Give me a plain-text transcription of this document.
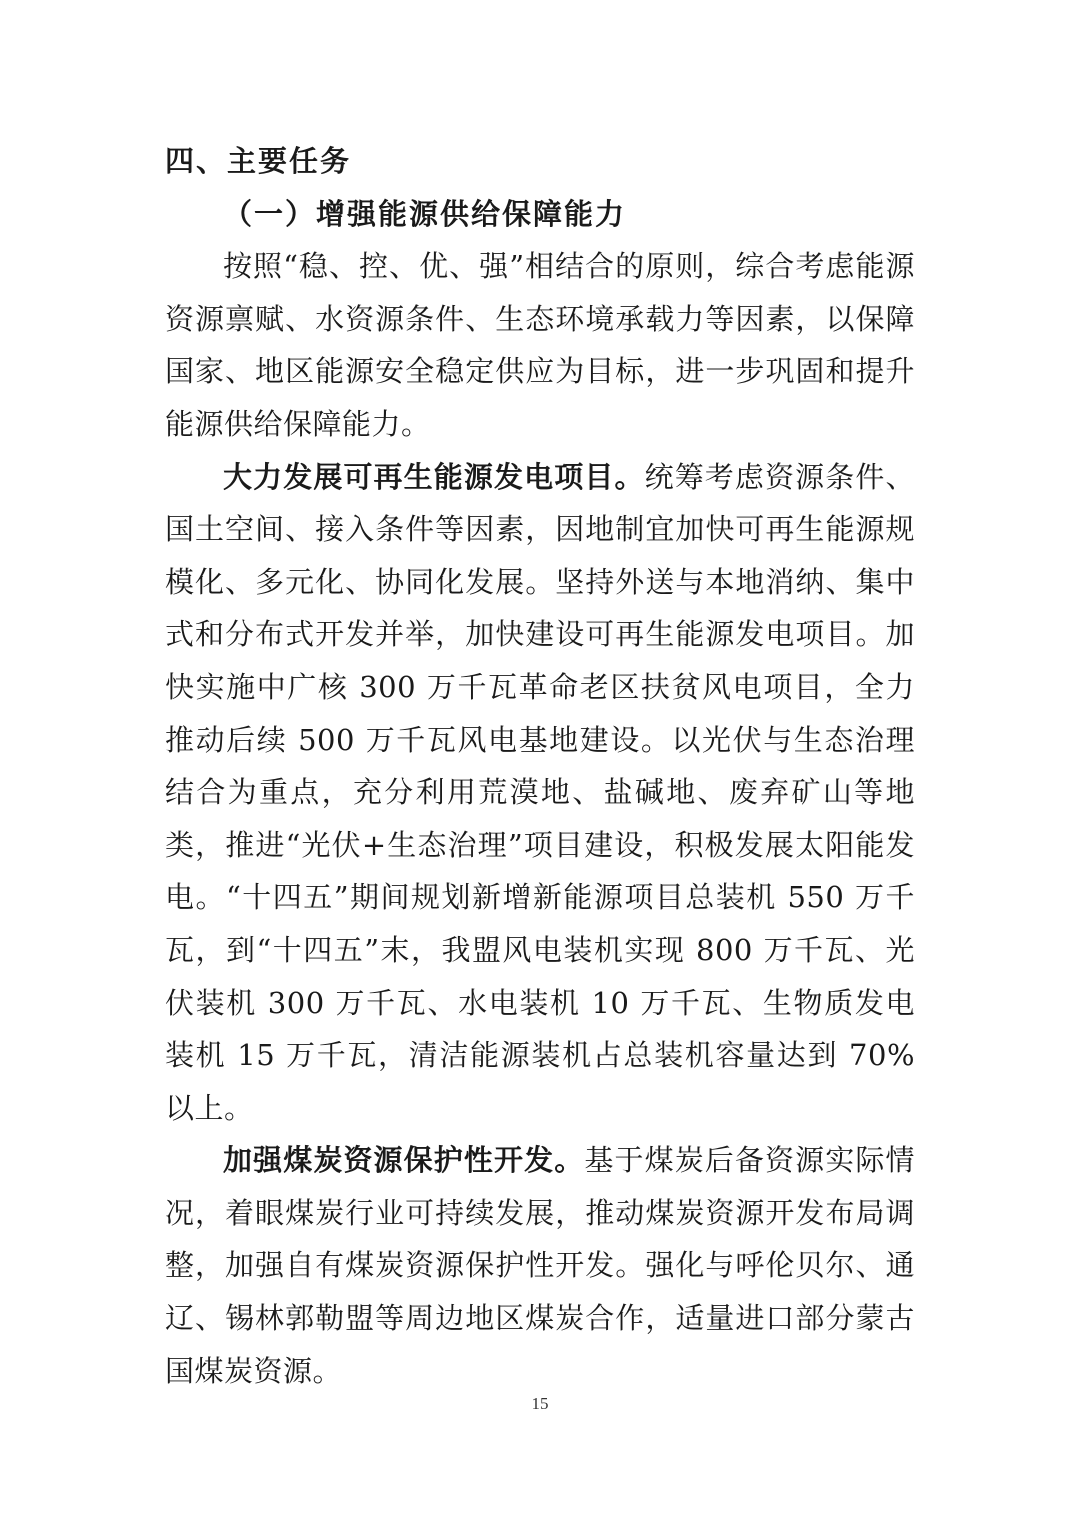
四、主要任务
（一）增强能源供给保障能力

按照“稳、控、优、强”相结合的原则，综合考虑能源资源禀赋、水资源条件、生态环境承载力等因素，以保障国家、地区能源安全稳定供应为目标，进一步巩固和提升能源供给保障能力。

大力发展可再生能源发电项目。统筹考虑资源条件、国土空间、接入条件等因素，因地制宜加快可再生能源规模化、多元化、协同化发展。坚持外送与本地消纳、集中式和分布式开发并举，加快建设可再生能源发电项目。加快实施中广核 300 万千瓦革命老区扶贫风电项目，全力推动后续 500 万千瓦风电基地建设。以光伏与生态治理结合为重点，充分利用荒漠地、盐碱地、废弃矿山等地类，推进“光伏+生态治理”项目建设，积极发展太阳能发电。“十四五”期间规划新增新能源项目总装机 550 万千瓦，到“十四五”末，我盟风电装机实现 800 万千瓦、光伏装机 300 万千瓦、水电装机 10 万千瓦、生物质发电装机 15 万千瓦，清洁能源装机占总装机容量达到 70%以上。

加强煤炭资源保护性开发。基于煤炭后备资源实际情况，着眼煤炭行业可持续发展，推动煤炭资源开发布局调整，加强自有煤炭资源保护性开发。强化与呼伦贝尔、通辽、锡林郭勒盟等周边地区煤炭合作，适量进口部分蒙古国煤炭资源。

15
